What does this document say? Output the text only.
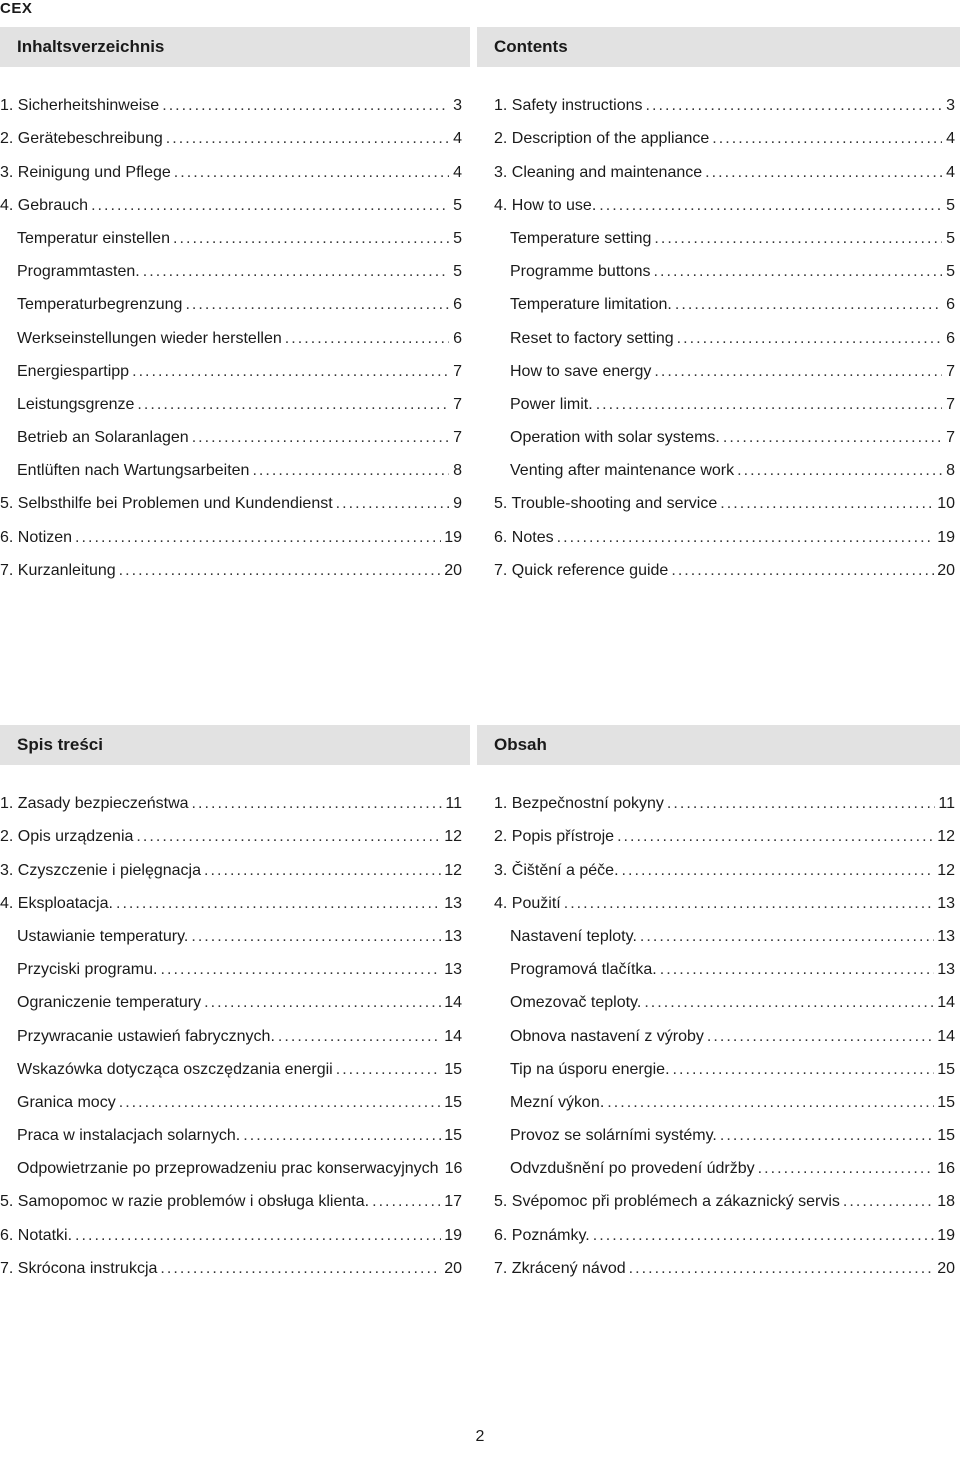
CEX
Inhaltsverzeichnis
1. Sicherheitshinweise . . .	3
2. Gerätebeschreibung . . .	4
3. Reinigung und Pflege . . .	4
4. Gebrauch . . .	5
Temperatur einstellen . . .	5
Programmtasten. . . .	5
Temperaturbegrenzung . . .	6
Werkseinstellungen wieder herstellen . . .	6
Energiespartipp . . .	7
Leistungsgrenze . . .	7
Betrieb an Solaranlagen . . .	7
Entlüften nach Wartungsarbeiten . . .	8
5. Selbsthilfe bei Problemen und Kundendienst . . .	9
6. Notizen . . .	19
7. Kurzanleitung . . .	20
Contents
1. Safety instructions . . .	3
2. Description of the appliance . . .	4
3. Cleaning and maintenance . . .	4
4. How to use. . . .	5
Temperature setting . . .	5
Programme buttons . . .	5
Temperature limitation. . . .	6
Reset to factory setting . . .	6
How to save energy . . .	7
Power limit. . . .	7
Operation with solar systems. . . .	7
Venting after maintenance work . . .	8
5. Trouble-shooting and service . . .	10
6. Notes . . .	19
7. Quick reference guide . . .	20
Spis treści
1. Zasady bezpieczeństwa . . .	11
2. Opis urządzenia . . .	12
3. Czyszczenie i pielęgnacja . . .	12
4. Eksploatacja. . . .	13
Ustawianie temperatury. . . .	13
Przyciski programu. . . .	13
Ograniczenie temperatury . . .	14
Przywracanie ustawień fabrycznych. . . .	14
Wskazówka dotycząca oszczędzania energii . . .	15
Granica mocy . . .	15
Praca w instalacjach solarnych. . . .	15
Odpowietrzanie po przeprowadzeniu prac konserwacyjnych 16
5. Samopomoc w razie problemów i obsługa klienta. . . .	17
6. Notatki. . . .	19
7. Skrócona instrukcja . . .	20
Obsah
1. Bezpečnostní pokyny . . .	11
2. Popis přístroje . . .	12
3. Čištění a péče. . . .	12
4. Použití . . .	13
Nastavení teploty. . . .	13
Programová tlačítka. . . .	13
Omezovač teploty. . . .	14
Obnova nastavení z výroby . . .	14
Tip na úsporu energie. . . .	15
Mezní výkon. . . .	15
Provoz se solárními systémy. . . .	15
Odvzdušnění po provedení údržby . . .	16
5. Svépomoc při problémech a zákaznický servis . . .	18
6. Poznámky. . . .	19
7. Zkrácený návod . . .	20
2
